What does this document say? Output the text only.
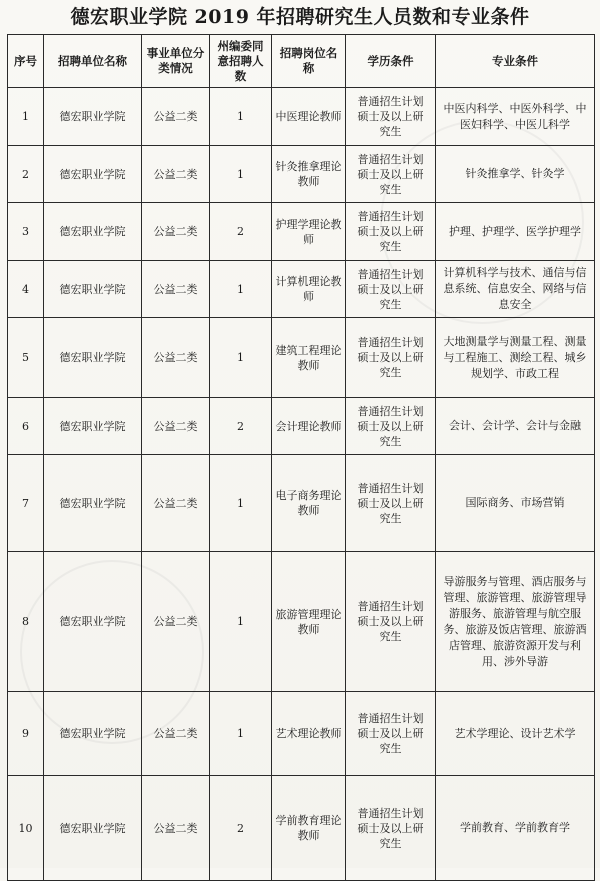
德宏职业学院 2019 年招聘研究生人员数和专业条件
序号	招聘单位名称	事业单位分类情况	州编委同意招聘人数	招聘岗位名称	学历条件	专业条件
1	德宏职业学院	公益二类	1	中医理论教师	普通招生计划硕士及以上研究生	中医内科学、中医外科学、中医妇科学、中医儿科学
2	德宏职业学院	公益二类	1	针灸推拿理论教师	普通招生计划硕士及以上研究生	针灸推拿学、针灸学
3	德宏职业学院	公益二类	2	护理学理论教师	普通招生计划硕士及以上研究生	护理、护理学、医学护理学
4	德宏职业学院	公益二类	1	计算机理论教师	普通招生计划硕士及以上研究生	计算机科学与技术、通信与信息系统、信息安全、网络与信息安全
5	德宏职业学院	公益二类	1	建筑工程理论教师	普通招生计划硕士及以上研究生	大地测量学与测量工程、测量与工程施工、测绘工程、城乡规划学、市政工程
6	德宏职业学院	公益二类	2	会计理论教师	普通招生计划硕士及以上研究生	会计、会计学、会计与金融
7	德宏职业学院	公益二类	1	电子商务理论教师	普通招生计划硕士及以上研究生	国际商务、市场营销
8	德宏职业学院	公益二类	1	旅游管理理论教师	普通招生计划硕士及以上研究生	导游服务与管理、酒店服务与管理、旅游管理、旅游管理导游服务、旅游管理与航空服务、旅游及饭店管理、旅游酒店管理、旅游资源开发与利用、涉外导游
9	德宏职业学院	公益二类	1	艺术理论教师	普通招生计划硕士及以上研究生	艺术学理论、设计艺术学
10	德宏职业学院	公益二类	2	学前教育理论教师	普通招生计划硕士及以上研究生	学前教育、学前教育学
